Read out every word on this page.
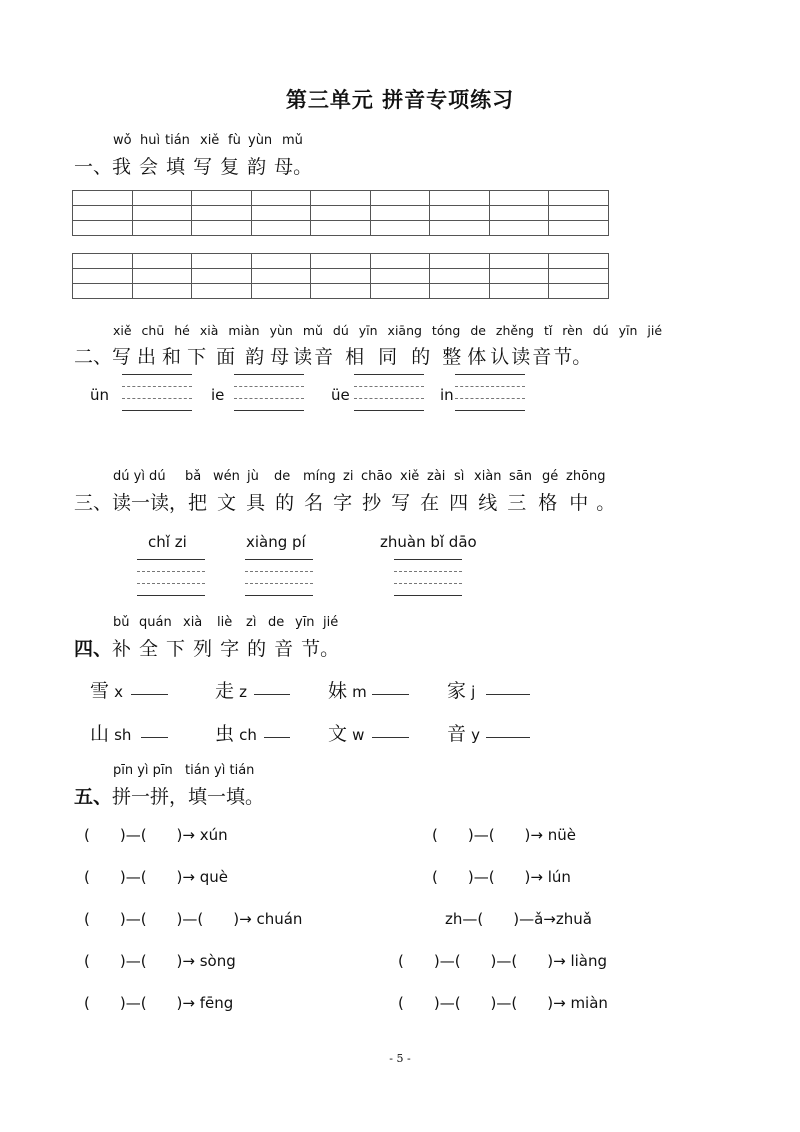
第三单元 拼音专项练习
wǒ huì tián xiě fù yùn mǔ
一、我会填写复韵母。

xiě chū hé xià miàn yùn mǔ dú yīn xiāng tóng de zhěng tǐ rèn dú yīn jié
二、写出和下面韵母读音相同的整体认读音节。
ün	ie	üe	in
dú yì dú bǎ wén jù de míng zi chāo xiě zài sì xiàn sān gé zhōng
三、读一读，把文具的名字抄写在四线三格中。
chǐ zi	xiàng pí	zhuàn bǐ dāo
bǔ quán xià liè zì de yīn jié
四、补全下列字的音节。
雪 x	走 z	妹 m	家 j
山 sh	虫 ch	文 w	音 y
pīn yì pīn tián yì tián
五、拼一拼，填一填。
(　　)—(　　)→ xún	(　　)—(　　)→ nüè
(　　)—(　　)→ què	(　　)—(　　)→ lún
(　　)—(　　)—(　　)→ chuán	zh—(　　)—ǎ→zhuǎ
(　　)—(　　)→ sòng	(　　)—(　　)—(　　)→ liàng
(　　)—(　　)→ fēng	(　　)—(　　)—(　　)→ miàn
- 5 -
